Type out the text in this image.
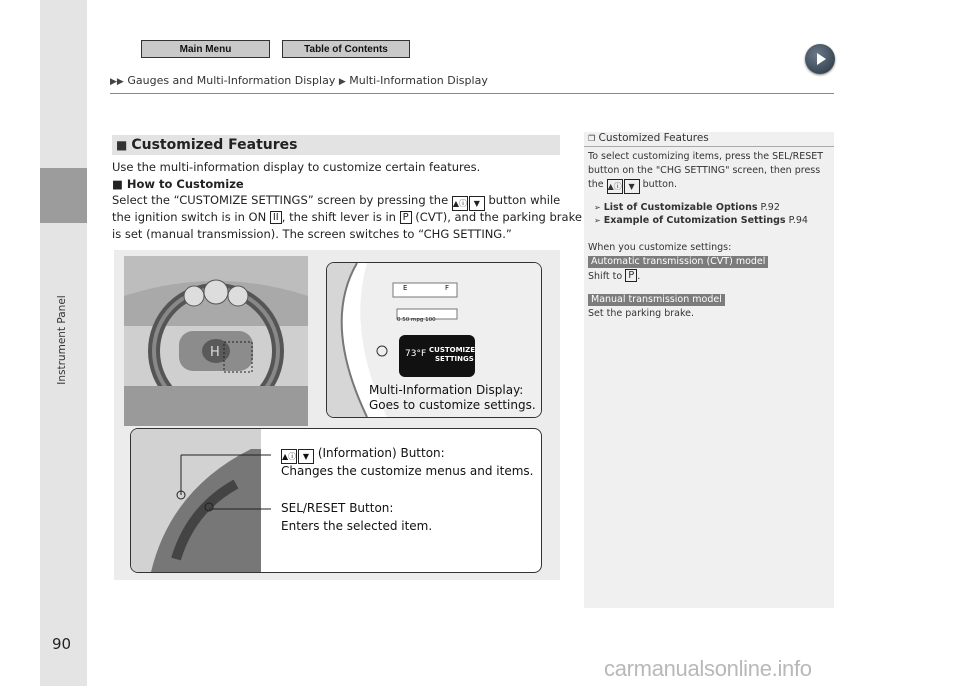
Instrument Panel
Main Menu	Table of Contents
▶▶ Gauges and Multi-Information Display ▶ Multi-Information Display
■ Customized Features
Use the multi-information display to customize certain features.
■ How to Customize
Select the “CUSTOMIZE SETTINGS” screen by pressing the ▲ⓘ ▼ button while
the ignition switch is in ON II , the shift lever is in P (CVT), and the parking brake
is set (manual transmission). The screen switches to “CHG SETTING.”
H
E	F
0 50 mpg 100
73°F CUSTOMIZE
SETTINGS
Multi-Information Display:
Goes to customize settings.
▲ⓘ ▼ (Information) Button:
Changes the customize menus and items.
SEL/RESET Button:
Enters the selected item.
❐ Customized Features
To select customizing items, press the SEL/RESET
button on the "CHG SETTING" screen, then press
the ▲ⓘ ▼ button.
➢ List of Customizable Options P.92
➢ Example of Cutomization Settings P.94
When you customize settings:
Automatic transmission (CVT) model
Shift to P .
Manual transmission model
Set the parking brake.
90
carmanualsonline.info
